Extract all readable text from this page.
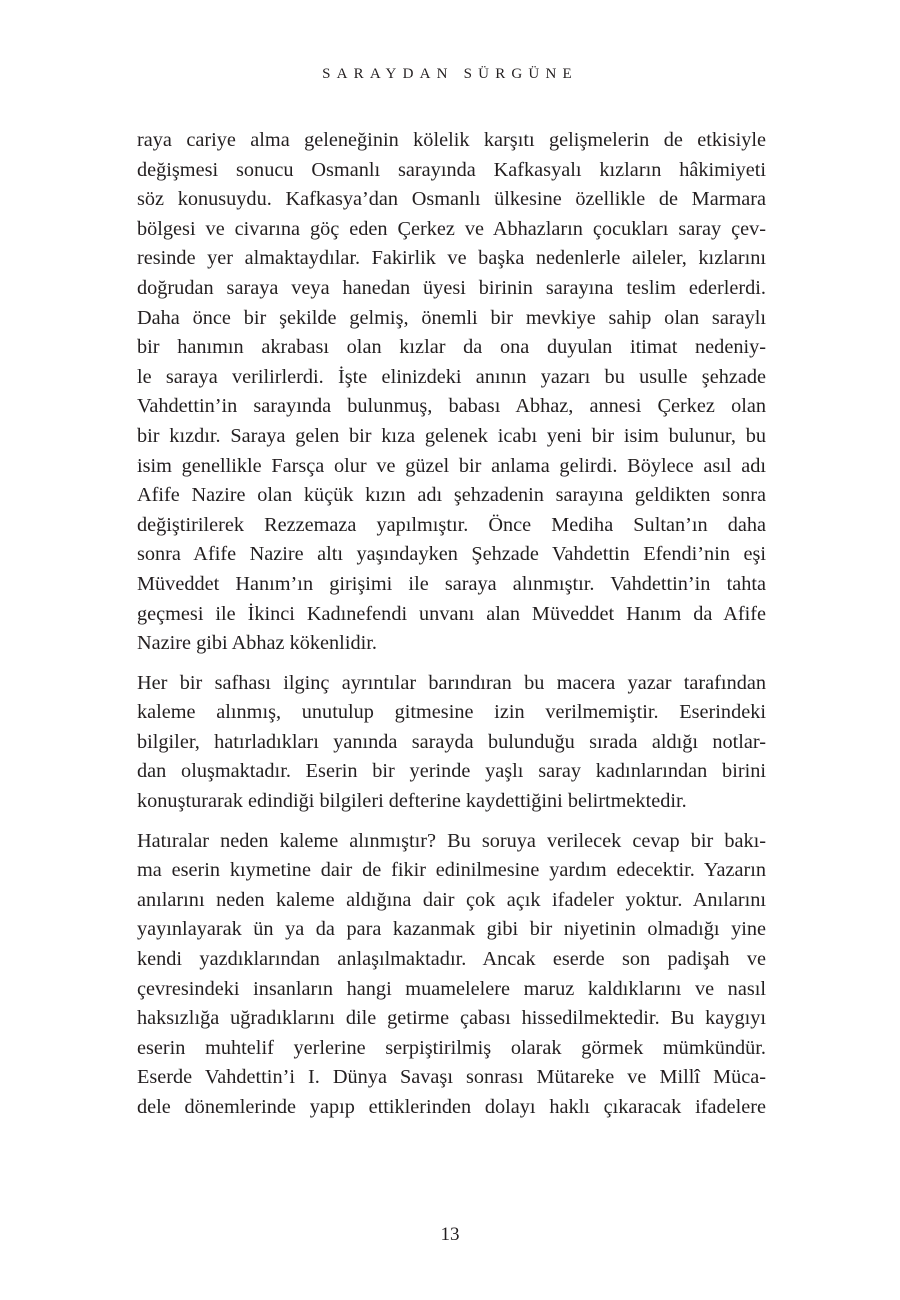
SARAYDAN SÜRGÜNE
raya cariye alma geleneğinin kölelik karşıtı gelişmelerin de etkisiyle
değişmesi sonucu Osmanlı sarayında Kafkasyalı kızların hâkimiyeti
söz konusuydu. Kafkasya’dan Osmanlı ülkesine özellikle de Marmara
bölgesi ve civarına göç eden Çerkez ve Abhazların çocukları saray çev-
resinde yer almaktaydılar. Fakirlik ve başka nedenlerle aileler, kızlarını
doğrudan saraya veya hanedan üyesi birinin sarayına teslim ederlerdi.
Daha önce bir şekilde gelmiş, önemli bir mevkiye sahip olan saraylı
bir hanımın akrabası olan kızlar da ona duyulan itimat nedeniy-
le saraya verilirlerdi. İşte elinizdeki anının yazarı bu usulle şehzade
Vahdettin’in sarayında bulunmuş, babası Abhaz, annesi Çerkez olan
bir kızdır. Saraya gelen bir kıza gelenek icabı yeni bir isim bulunur, bu
isim genellikle Farsça olur ve güzel bir anlama gelirdi. Böylece asıl adı
Afife Nazire olan küçük kızın adı şehzadenin sarayına geldikten sonra
değiştirilerek Rezzemaza yapılmıştır. Önce Mediha Sultan’ın daha
sonra Afife Nazire altı yaşındayken Şehzade Vahdettin Efendi’nin eşi
Müveddet Hanım’ın girişimi ile saraya alınmıştır. Vahdettin’in tahta
geçmesi ile İkinci Kadınefendi unvanı alan Müveddet Hanım da Afife
Nazire gibi Abhaz kökenlidir.
Her bir safhası ilginç ayrıntılar barındıran bu macera yazar tarafından
kaleme alınmış, unutulup gitmesine izin verilmemiştir. Eserindeki
bilgiler, hatırladıkları yanında sarayda bulunduğu sırada aldığı notlar-
dan oluşmaktadır. Eserin bir yerinde yaşlı saray kadınlarından birini
konuşturarak edindiği bilgileri defterine kaydettiğini belirtmektedir.
Hatıralar neden kaleme alınmıştır? Bu soruya verilecek cevap bir bakı-
ma eserin kıymetine dair de fikir edinilmesine yardım edecektir. Yazarın
anılarını neden kaleme aldığına dair çok açık ifadeler yoktur. Anılarını
yayınlayarak ün ya da para kazanmak gibi bir niyetinin olmadığı yine
kendi yazdıklarından anlaşılmaktadır. Ancak eserde son padişah ve
çevresindeki insanların hangi muamelelere maruz kaldıklarını ve nasıl
haksızlığa uğradıklarını dile getirme çabası hissedilmektedir. Bu kaygıyı
eserin muhtelif yerlerine serpiştirilmiş olarak görmek mümkündür.
Eserde Vahdettin’i I. Dünya Savaşı sonrası Mütareke ve Millî Müca-
dele dönemlerinde yapıp ettiklerinden dolayı haklı çıkaracak ifadelere
13
